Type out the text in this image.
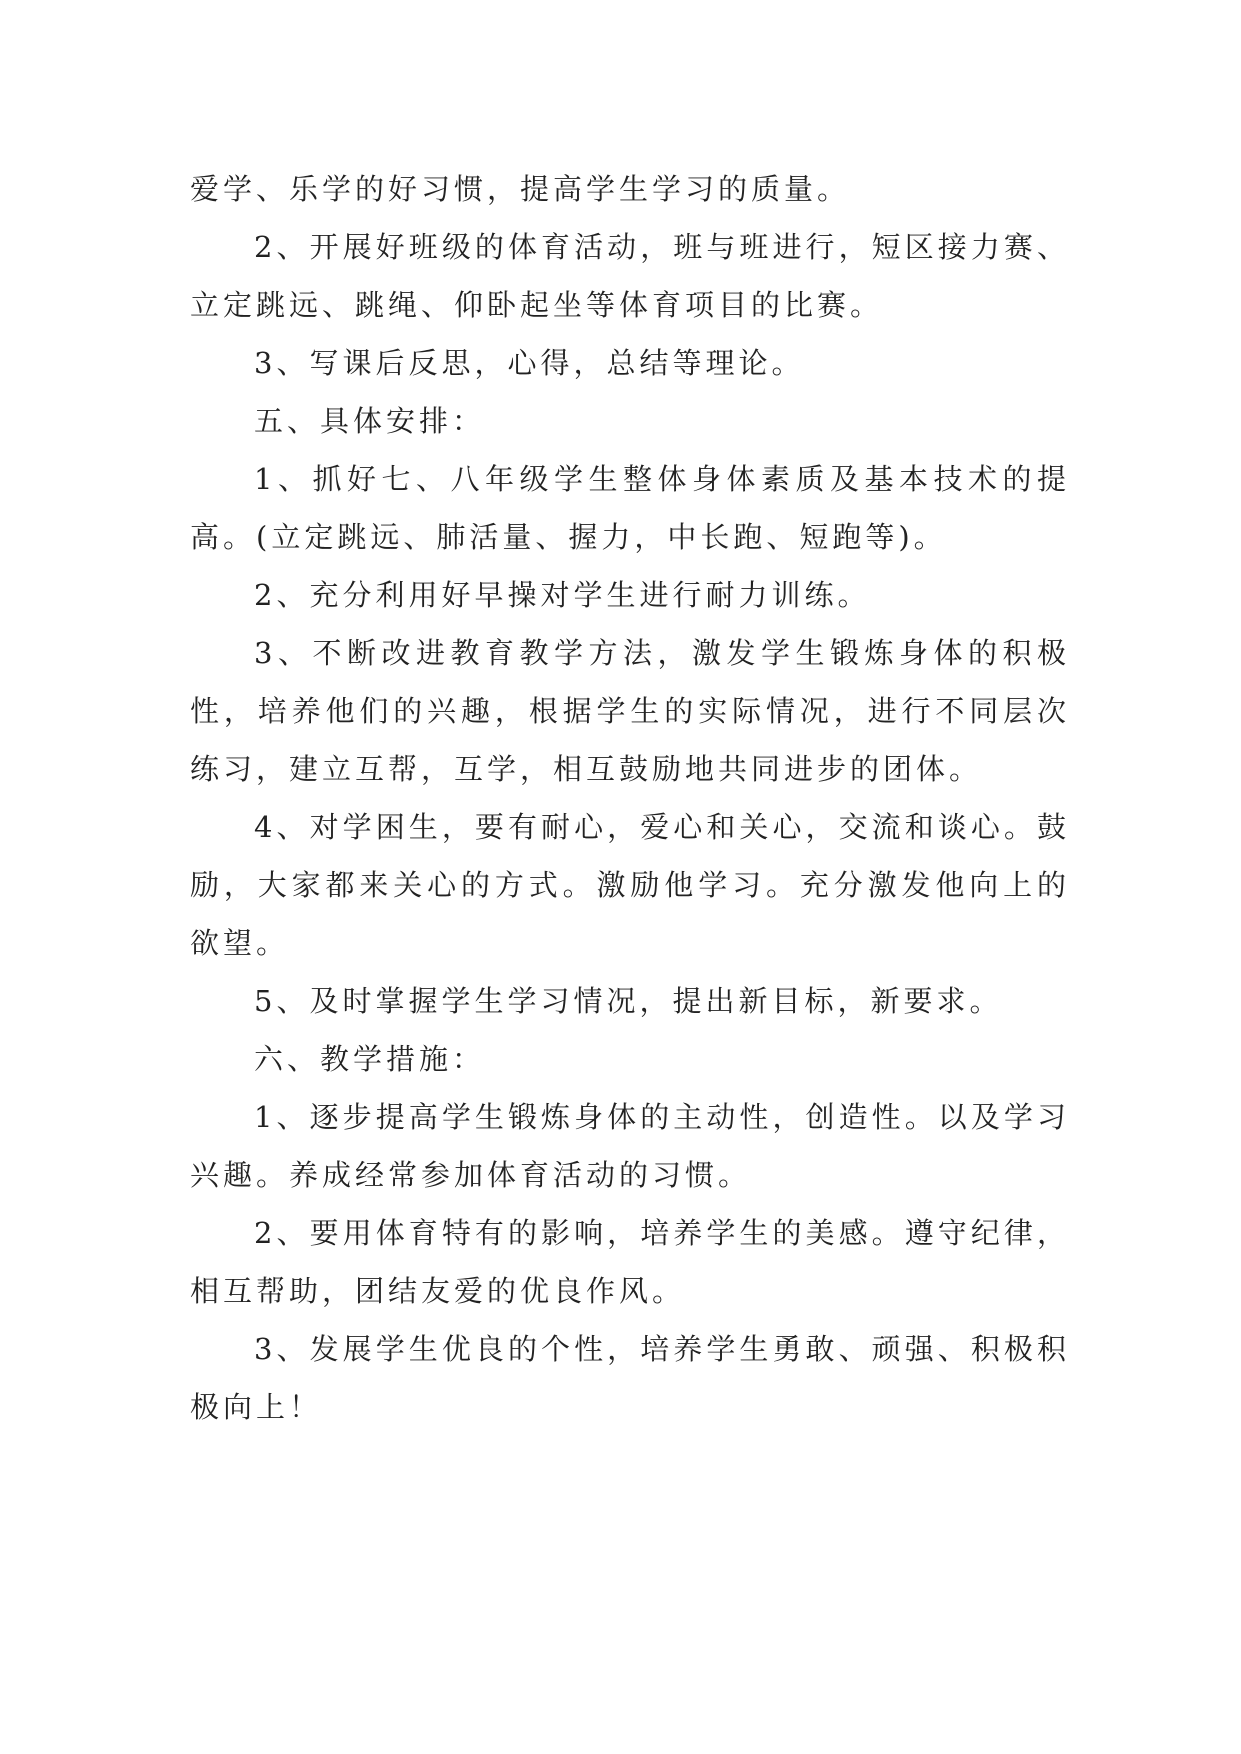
爱学、乐学的好习惯，提高学生学习的质量。

2、开展好班级的体育活动，班与班进行，短区接力赛、立定跳远、跳绳、仰卧起坐等体育项目的比赛。

3、写课后反思，心得，总结等理论。

五、具体安排：

1、抓好七、八年级学生整体身体素质及基本技术的提高。(立定跳远、肺活量、握力，中长跑、短跑等)。

2、充分利用好早操对学生进行耐力训练。

3、不断改进教育教学方法，激发学生锻炼身体的积极性，培养他们的兴趣，根据学生的实际情况，进行不同层次练习，建立互帮，互学，相互鼓励地共同进步的团体。

4、对学困生，要有耐心，爱心和关心，交流和谈心。鼓励，大家都来关心的方式。激励他学习。充分激发他向上的欲望。

5、及时掌握学生学习情况，提出新目标，新要求。

六、教学措施：

1、逐步提高学生锻炼身体的主动性，创造性。以及学习兴趣。养成经常参加体育活动的习惯。

2、要用体育特有的影响，培养学生的美感。遵守纪律，相互帮助，团结友爱的优良作风。

3、发展学生优良的个性，培养学生勇敢、顽强、积极积极向上！
